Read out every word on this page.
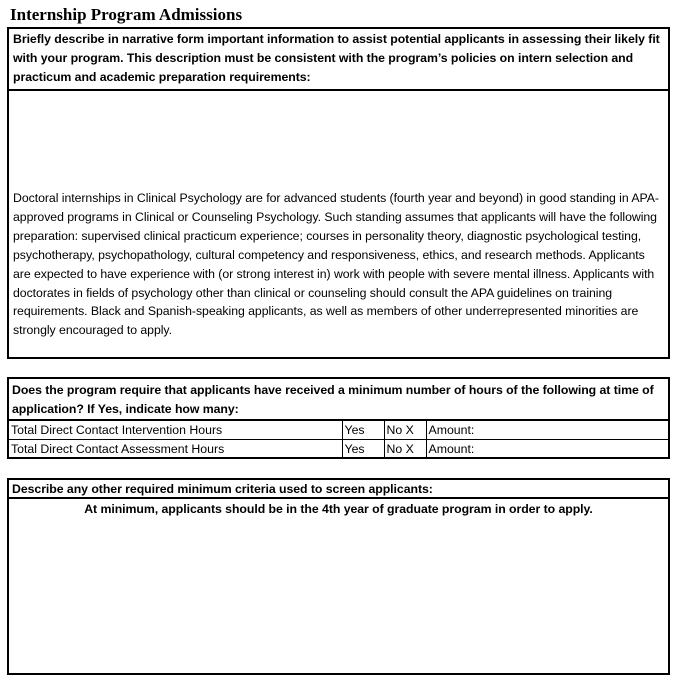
Internship Program Admissions
Briefly describe in narrative form important information to assist potential applicants in assessing their likely fit with your program. This description must be consistent with the program’s policies on intern selection and practicum and academic preparation requirements:
Doctoral internships in Clinical Psychology are for advanced students (fourth year and beyond) in good standing in APA-approved programs in Clinical or Counseling Psychology. Such standing assumes that applicants will have the following preparation: supervised clinical practicum experience; courses in personality theory, diagnostic psychological testing, psychotherapy, psychopathology, cultural competency and responsiveness, ethics, and research methods. Applicants are expected to have experience with (or strong interest in) work with people with severe mental illness. Applicants with doctorates in fields of psychology other than clinical or counseling should consult the APA guidelines on training requirements. Black and Spanish-speaking applicants, as well as members of other underrepresented minorities are strongly encouraged to apply.
Does the program require that applicants have received a minimum number of hours of the following at time of application? If Yes, indicate how many:
Total Direct Contact Intervention Hours	Yes	No X	Amount:
Total Direct Contact Assessment Hours	Yes	No X	Amount:
Describe any other required minimum criteria used to screen applicants:
At minimum, applicants should be in the 4th year of graduate program in order to apply.
